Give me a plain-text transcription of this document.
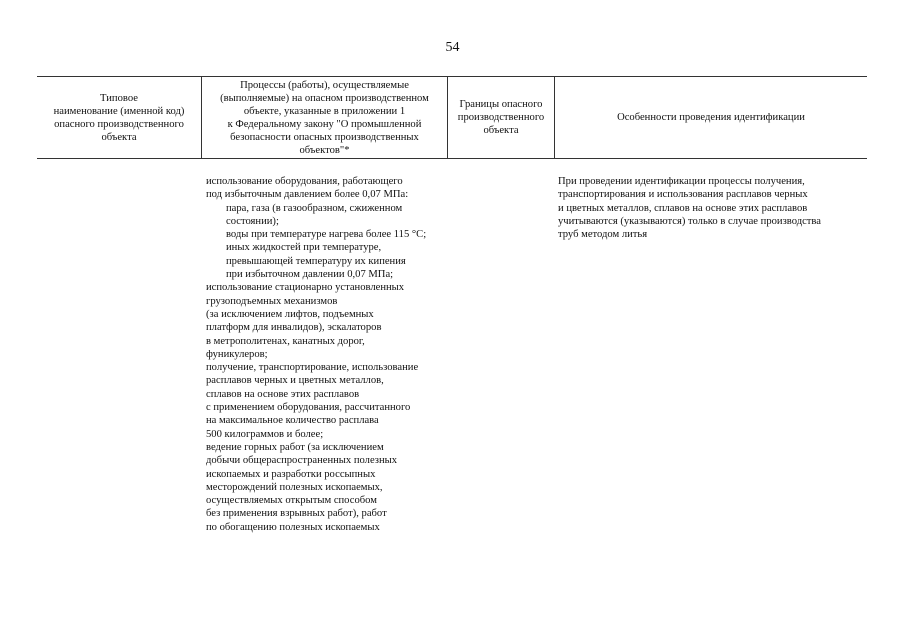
54
Типовое
наименование (именной код)
опасного производственного
объекта
Процессы (работы), осуществляемые
(выполняемые) на опасном производственном
объекте, указанные в приложении 1
к Федеральному закону "О промышленной
безопасности опасных производственных
объектов"*
Границы опасного
производственного
объекта
Особенности проведения идентификации
использование оборудования, работающего
под избыточным давлением более 0,07 МПа:
пара, газа (в газообразном, сжиженном
состоянии);
воды при температуре нагрева более 115 °С;
иных жидкостей при температуре,
превышающей температуру их кипения
при избыточном давлении 0,07 МПа;
использование стационарно установленных
грузоподъемных механизмов
(за исключением лифтов, подъемных
платформ для инвалидов), эскалаторов
в метрополитенах, канатных дорог,
фуникулеров;
получение, транспортирование, использование
расплавов черных и цветных металлов,
сплавов на основе этих расплавов
с применением оборудования, рассчитанного
на максимальное количество расплава
500 килограммов и более;
ведение горных работ (за исключением
добычи общераспространенных полезных
ископаемых и разработки россыпных
месторождений полезных ископаемых,
осуществляемых открытым способом
без применения взрывных работ), работ
по обогащению полезных ископаемых
При проведении идентификации процессы получения,
транспортирования и использования расплавов черных
и цветных металлов, сплавов на основе этих расплавов
учитываются (указываются) только в случае производства
труб методом литья
